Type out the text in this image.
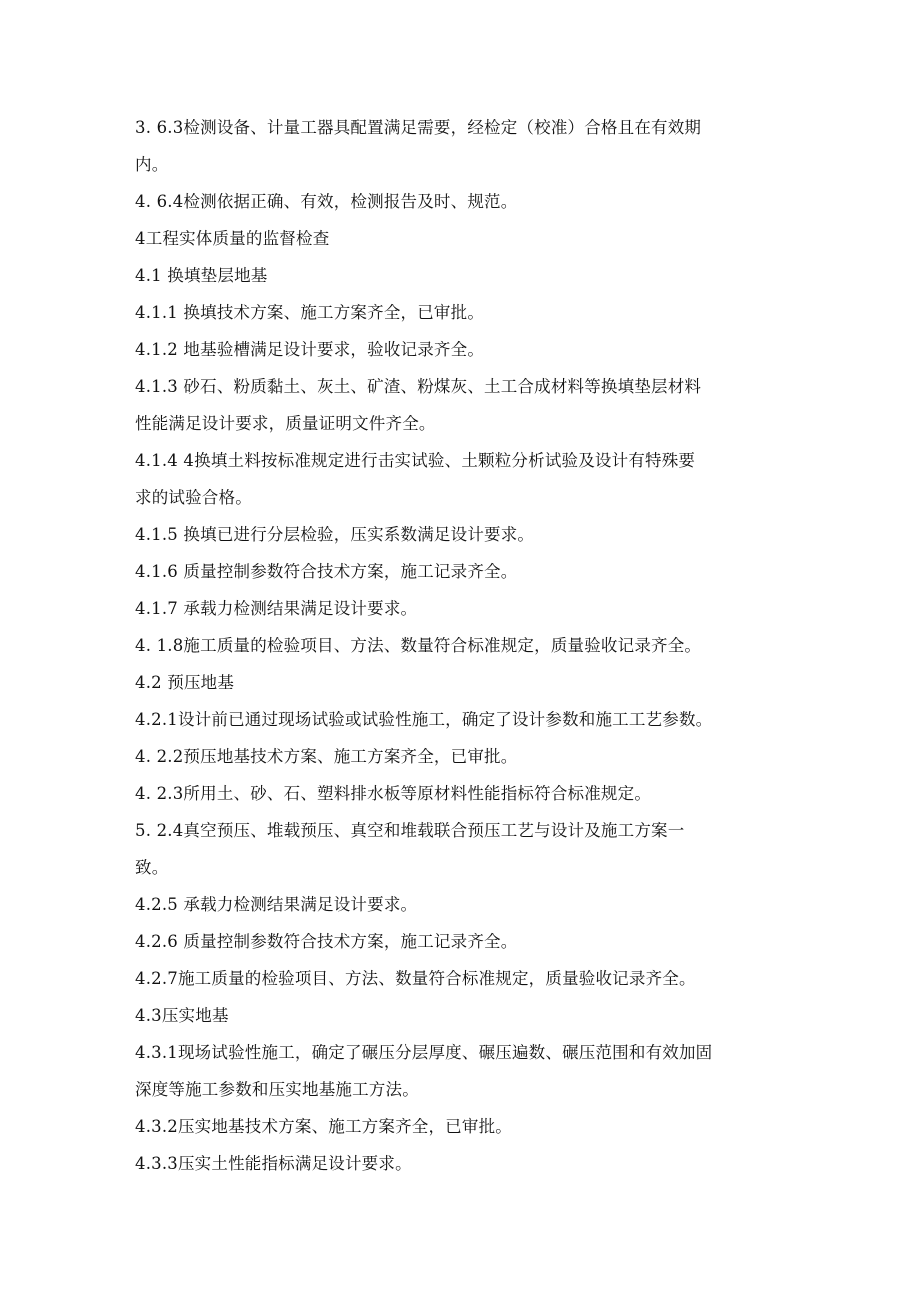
3. 6.3检测设备、计量工器具配置满足需要，经检定（校准）合格且在有效期
内。
4. 6.4检测依据正确、有效，检测报告及时、规范。
4工程实体质量的监督检查
4.1 换填垫层地基
4.1.1 换填技术方案、施工方案齐全，已审批。
4.1.2 地基验槽满足设计要求，验收记录齐全。
4.1.3 砂石、粉质黏土、灰土、矿渣、粉煤灰、土工合成材料等换填垫层材料
性能满足设计要求，质量证明文件齐全。
4.1.4 4换填土料按标准规定进行击实试验、土颗粒分析试验及设计有特殊要
求的试验合格。
4.1.5 换填已进行分层检验，压实系数满足设计要求。
4.1.6 质量控制参数符合技术方案，施工记录齐全。
4.1.7 承载力检测结果满足设计要求。
4. 1.8施工质量的检验项目、方法、数量符合标准规定，质量验收记录齐全。
4.2 预压地基
4.2.1设计前已通过现场试验或试验性施工，确定了设计参数和施工工艺参数。
4. 2.2预压地基技术方案、施工方案齐全，已审批。
4. 2.3所用土、砂、石、塑料排水板等原材料性能指标符合标准规定。
5. 2.4真空预压、堆载预压、真空和堆载联合预压工艺与设计及施工方案一
致。
4.2.5 承载力检测结果满足设计要求。
4.2.6 质量控制参数符合技术方案，施工记录齐全。
4.2.7施工质量的检验项目、方法、数量符合标准规定，质量验收记录齐全。
4.3压实地基
4.3.1现场试验性施工，确定了碾压分层厚度、碾压遍数、碾压范围和有效加固
深度等施工参数和压实地基施工方法。
4.3.2压实地基技术方案、施工方案齐全，已审批。
4.3.3压实土性能指标满足设计要求。
